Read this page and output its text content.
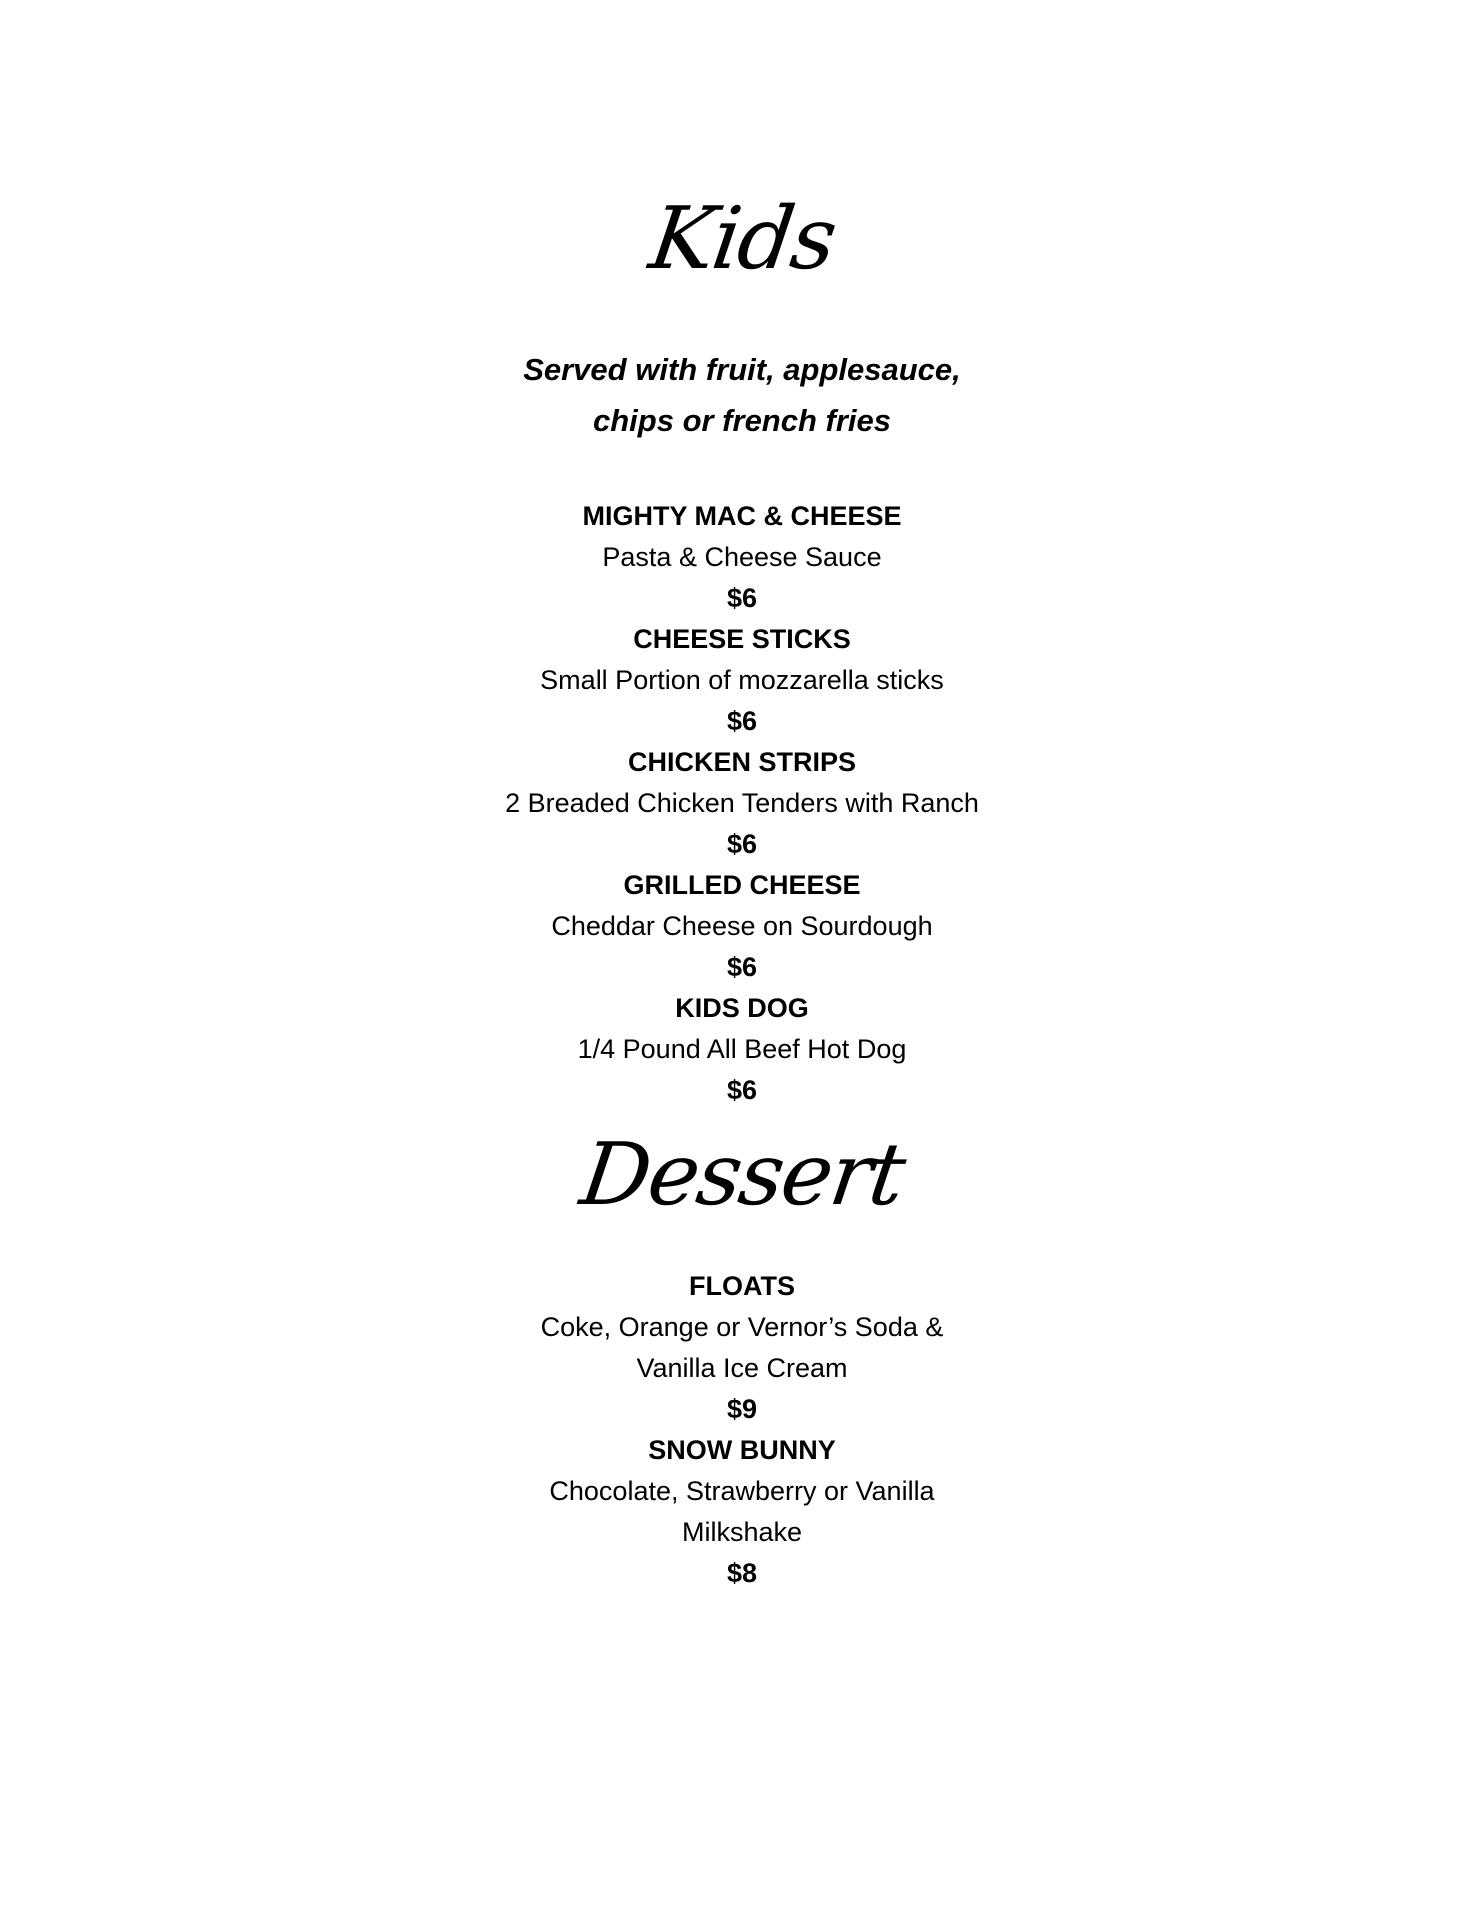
Kids

Served with fruit, applesauce,

chips or french fries

MIGHTY MAC & CHEESE
Pasta & Cheese Sauce
$6
CHEESE STICKS
Small Portion of mozzarella sticks
$6
CHICKEN STRIPS
2 Breaded Chicken Tenders with Ranch
$6
GRILLED CHEESE
Cheddar Cheese on Sourdough
$6
KIDS DOG
1/4 Pound All Beef Hot Dog
$6
Dessert
FLOATS
Coke, Orange or Vernor’s Soda &
Vanilla Ice Cream
$9
SNOW BUNNY
Chocolate, Strawberry or Vanilla
Milkshake
$8
